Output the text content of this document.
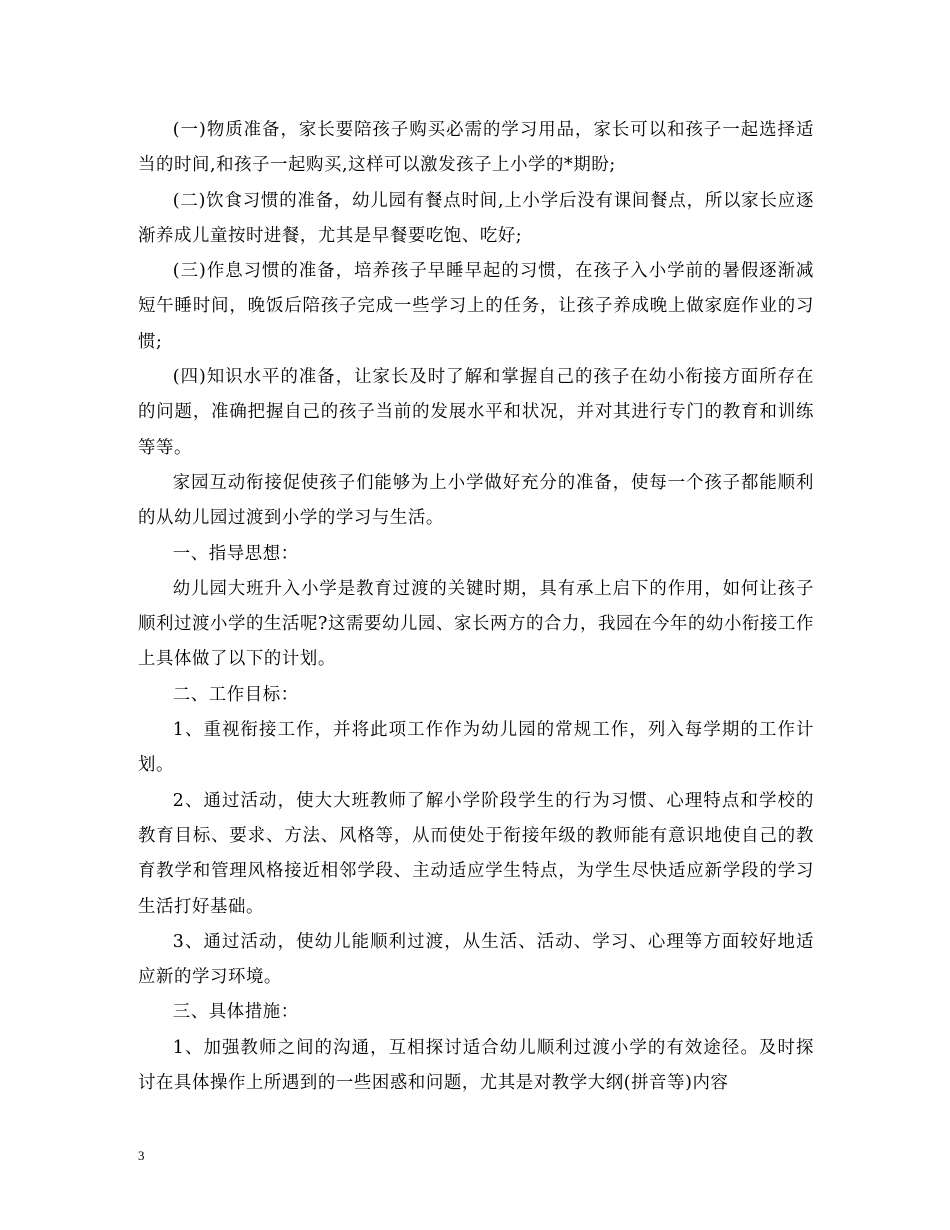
(一)物质准备，家长要陪孩子购买必需的学习用品，家长可以和孩子一起选择适当的时间,和孩子一起购买,这样可以激发孩子上小学的*期盼;

(二)饮食习惯的准备，幼儿园有餐点时间,上小学后没有课间餐点，所以家长应逐渐养成儿童按时进餐，尤其是早餐要吃饱、吃好;

(三)作息习惯的准备，培养孩子早睡早起的习惯，在孩子入小学前的暑假逐渐减短午睡时间，晚饭后陪孩子完成一些学习上的任务，让孩子养成晚上做家庭作业的习惯;

(四)知识水平的准备，让家长及时了解和掌握自己的孩子在幼小衔接方面所存在的问题，准确把握自己的孩子当前的发展水平和状况，并对其进行专门的教育和训练等等。

家园互动衔接促使孩子们能够为上小学做好充分的准备，使每一个孩子都能顺利的从幼儿园过渡到小学的学习与生活。

一、指导思想：

幼儿园大班升入小学是教育过渡的关键时期，具有承上启下的作用，如何让孩子顺利过渡小学的生活呢?这需要幼儿园、家长两方的合力，我园在今年的幼小衔接工作上具体做了以下的计划。

二、工作目标：

1、重视衔接工作，并将此项工作作为幼儿园的常规工作，列入每学期的工作计划。

2、通过活动，使大大班教师了解小学阶段学生的行为习惯、心理特点和学校的教育目标、要求、方法、风格等，从而使处于衔接年级的教师能有意识地使自己的教育教学和管理风格接近相邻学段、主动适应学生特点，为学生尽快适应新学段的学习生活打好基础。

3、通过活动，使幼儿能顺利过渡，从生活、活动、学习、心理等方面较好地适应新的学习环境。

三、具体措施：

1、加强教师之间的沟通，互相探讨适合幼儿顺利过渡小学的有效途径。及时探讨在具体操作上所遇到的一些困惑和问题，尤其是对教学大纲(拼音等)内容

3
